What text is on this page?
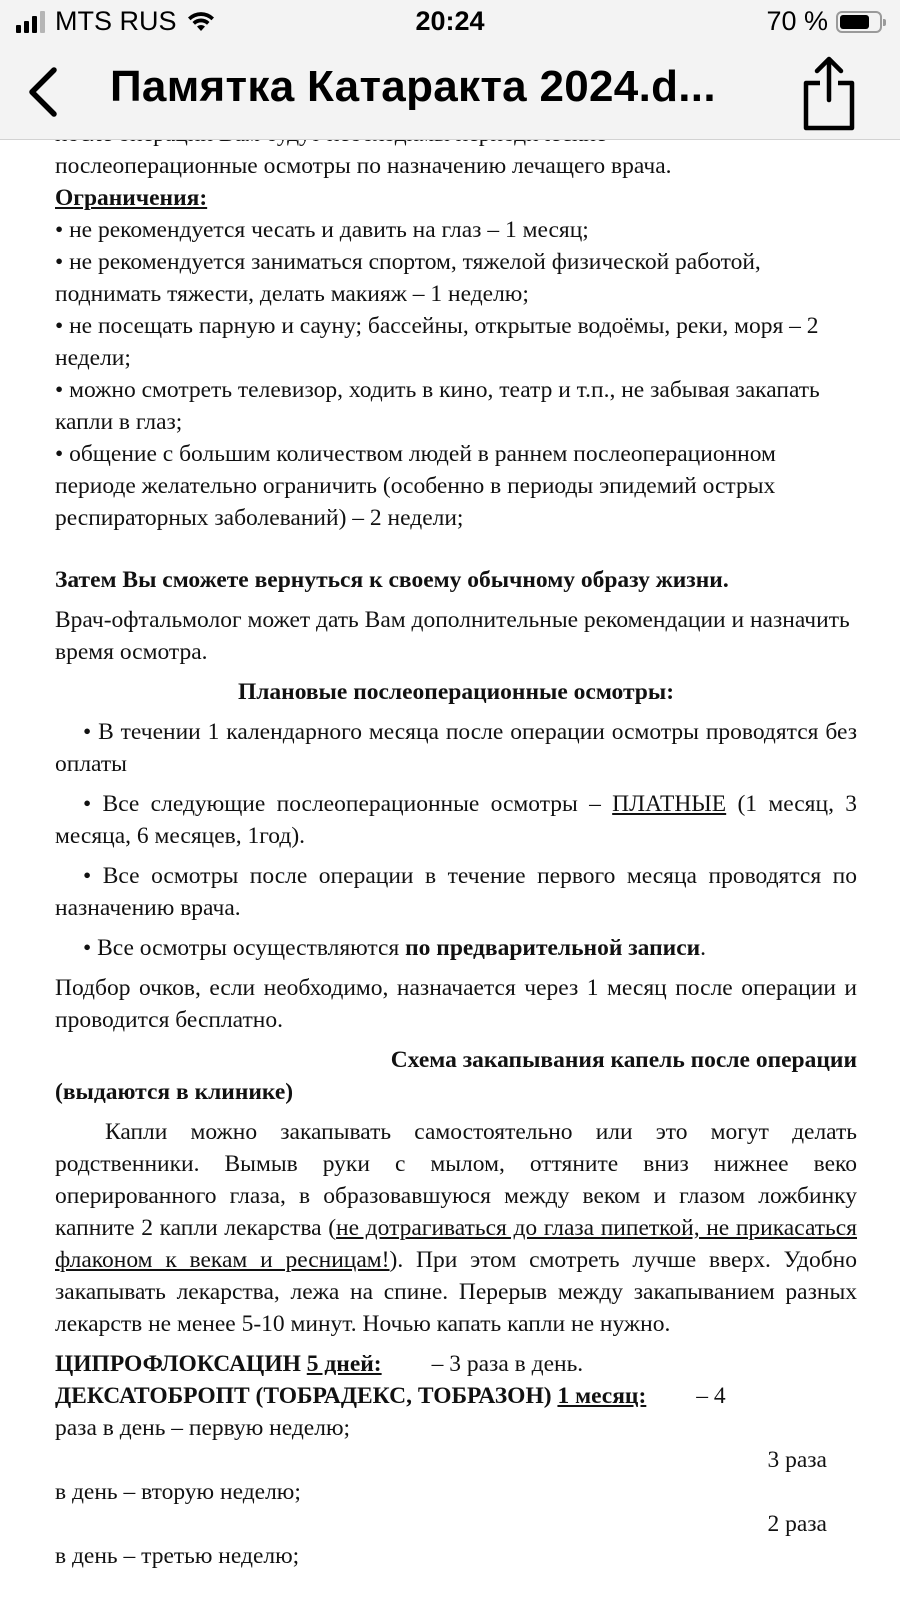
MTS RUS	20:24	70 %
Памятка Катаракта 2024.d...

послеоперационные осмотры по назначению лечащего врача.

Ограничения:

• не рекомендуется чесать и давить на глаз – 1 месяц;

• не рекомендуется заниматься спортом, тяжелой физической работой, поднимать тяжести, делать макияж – 1 неделю;

• не посещать парную и сауну; бассейны, открытые водоёмы, реки, моря – 2 недели;

• можно смотреть телевизор, ходить в кино, театр и т.п., не забывая закапать капли в глаз;

• общение с большим количеством людей в раннем послеоперационном периоде желательно ограничить (особенно в периоды эпидемий острых респираторных заболеваний) – 2 недели;

Затем Вы сможете вернуться к своему обычному образу жизни.

Врач-офтальмолог может дать Вам дополнительные рекомендации и назначить время осмотра.

Плановые послеоперационные осмотры:

• В течении 1 календарного месяца после операции осмотры проводятся без оплаты

• Все следующие послеоперационные осмотры – ПЛАТНЫЕ (1 месяц, 3 месяца, 6 месяцев, 1год).

• Все осмотры после операции в течение первого месяца проводятся по назначению врача.

• Все осмотры осуществляются по предварительной записи.

Подбор очков, если необходимо, назначается через 1 месяц после операции и проводится бесплатно.

Схема закапывания капель после операции

(выдаются в клинике)

Капли можно закапывать самостоятельно или это могут делать родственники. Вымыв руки с мылом, оттяните вниз нижнее веко оперированного глаза, в образовавшуюся между веком и глазом ложбинку капните 2 капли лекарства (не дотрагиваться до глаза пипеткой, не прикасаться флаконом к векам и ресницам!). При этом смотреть лучше вверх. Удобно закапывать лекарства, лежа на спине. Перерыв между закапыванием разных лекарств не менее 5-10 минут. Ночью капать капли не нужно.

ЦИПРОФЛОКСАЦИН 5 дней: – 3 раза в день.

ДЕКСАТОБРОПТ (ТОБРАДЕКС, ТОБРАЗОН) 1 месяц: – 4

раза в день – первую неделю;

3 раза

в день – вторую неделю;

2 раза

в день – третью неделю;
